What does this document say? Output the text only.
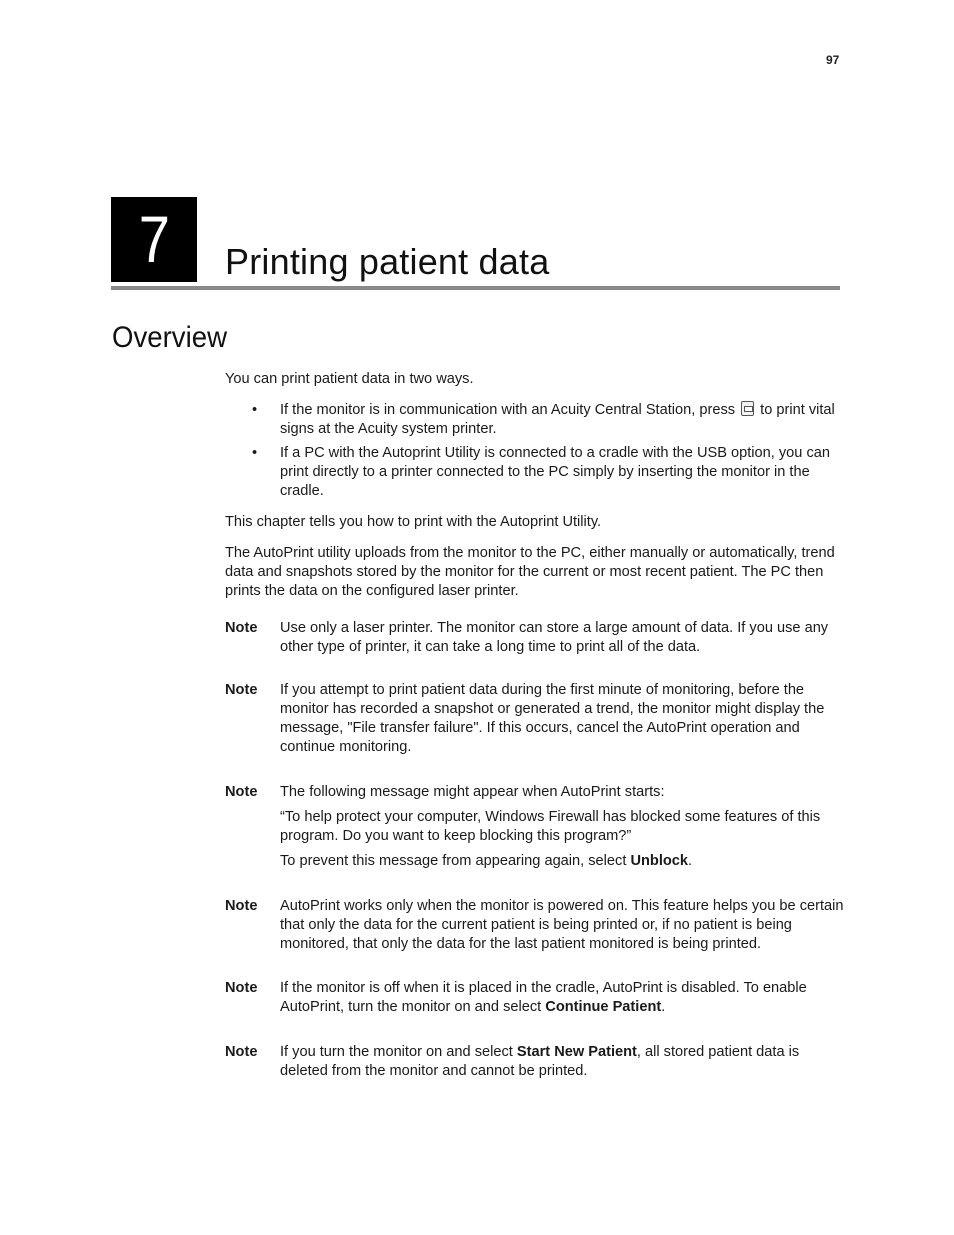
97
7	Printing patient data
Overview

You can print patient data in two ways.

• If the monitor is in communication with an Acuity Central Station, press to print vital signs at the Acuity system printer.
• If a PC with the Autoprint Utility is connected to a cradle with the USB option, you can print directly to a printer connected to the PC simply by inserting the monitor in the cradle.

This chapter tells you how to print with the Autoprint Utility.

The AutoPrint utility uploads from the monitor to the PC, either manually or automatically, trend data and snapshots stored by the monitor for the current or most recent patient. The PC then prints the data on the configured laser printer.

Note	Use only a laser printer. The monitor can store a large amount of data. If you use any other type of printer, it can take a long time to print all of the data.

Note	If you attempt to print patient data during the first minute of monitoring, before the monitor has recorded a snapshot or generated a trend, the monitor might display the message, "File transfer failure". If this occurs, cancel the AutoPrint operation and continue monitoring.

Note	The following message might appear when AutoPrint starts:

“To help protect your computer, Windows Firewall has blocked some features of this program. Do you want to keep blocking this program?”

To prevent this message from appearing again, select Unblock.

Note	AutoPrint works only when the monitor is powered on. This feature helps you be certain that only the data for the current patient is being printed or, if no patient is being monitored, that only the data for the last patient monitored is being printed.

Note	If the monitor is off when it is placed in the cradle, AutoPrint is disabled. To enable AutoPrint, turn the monitor on and select Continue Patient.

Note	If you turn the monitor on and select Start New Patient, all stored patient data is deleted from the monitor and cannot be printed.
